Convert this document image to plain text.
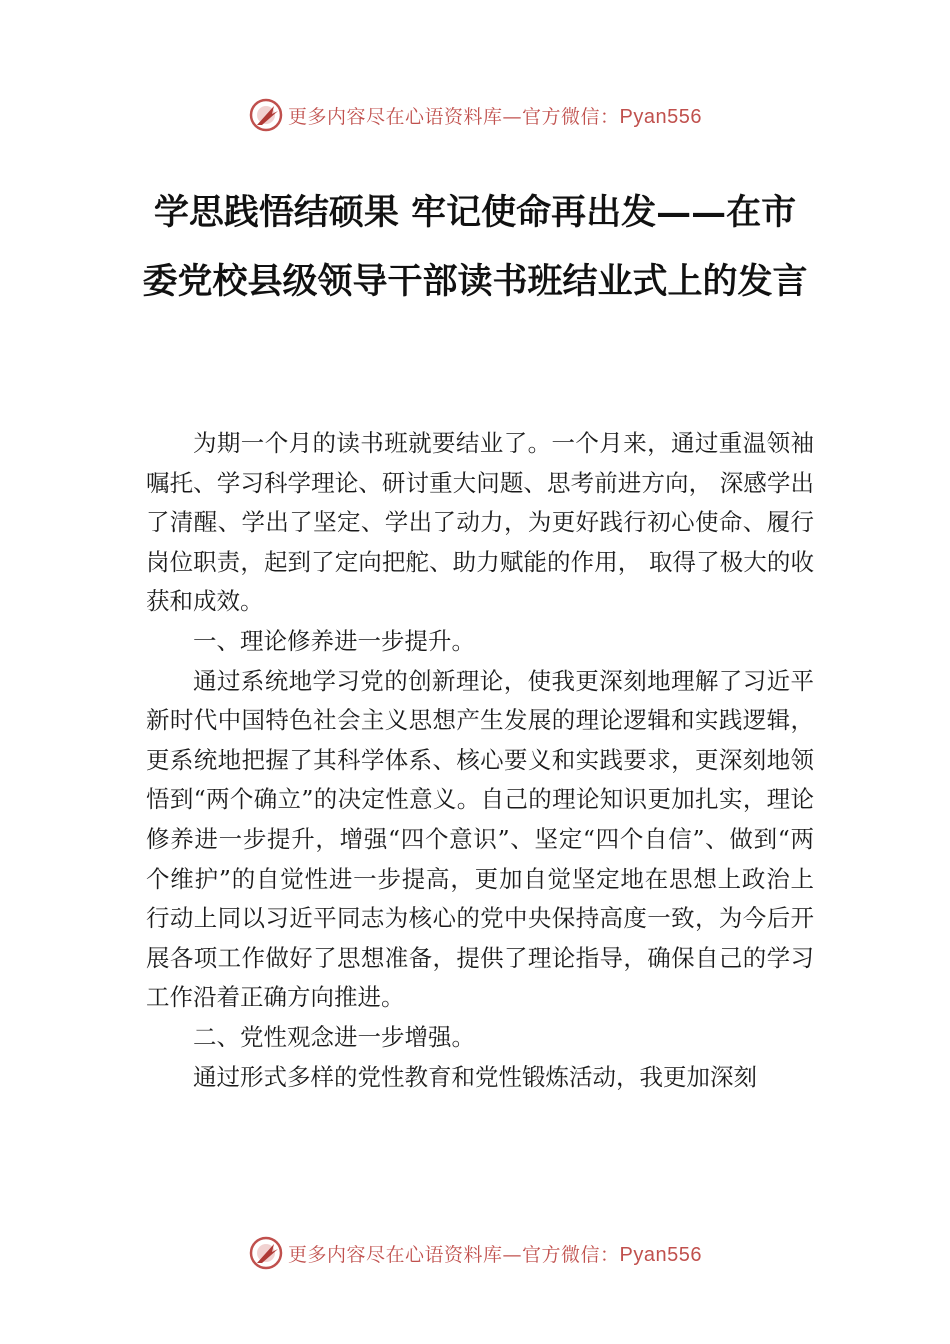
更多内容尽在心语资料库—官方微信：Pyan556
学思践悟结硕果 牢记使命再出发——在市委党校县级领导干部读书班结业式上的发言

为期一个月的读书班就要结业了。一个月来，通过重温领袖嘱托、学习科学理论、研讨重大问题、思考前进方向， 深感学出了清醒、学出了坚定、学出了动力，为更好践行初心使命、履行岗位职责，起到了定向把舵、助力赋能的作用， 取得了极大的收获和成效。

一、理论修养进一步提升。

通过系统地学习党的创新理论，使我更深刻地理解了习近平新时代中国特色社会主义思想产生发展的理论逻辑和实践逻辑，更系统地把握了其科学体系、核心要义和实践要求，更深刻地领悟到“两个确立”的决定性意义。自己的理论知识更加扎实，理论修养进一步提升，增强“四个意识”、坚定“四个自信”、做到“两个维护”的自觉性进一步提高，更加自觉坚定地在思想上政治上行动上同以习近平同志为核心的党中央保持高度一致，为今后开展各项工作做好了思想准备，提供了理论指导，确保自己的学习工作沿着正确方向推进。

二、党性观念进一步增强。

通过形式多样的党性教育和党性锻炼活动，我更加深刻

更多内容尽在心语资料库—官方微信：Pyan556
